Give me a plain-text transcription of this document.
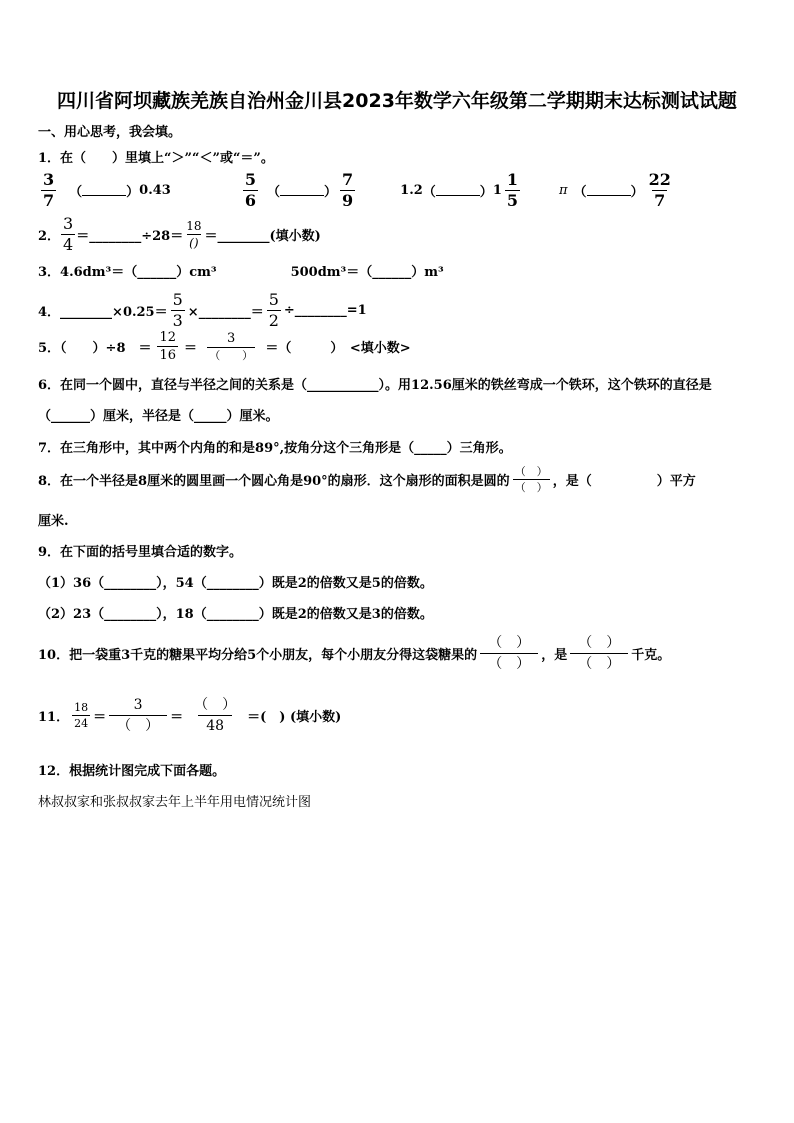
四川省阿坝藏族羌族自治州金川县2023年数学六年级第二学期期末达标测试试题
一、用心思考，我会填。
1．在（　　）里填上“＞”“＜”或“＝”。
$\frac{3}{7}$ （	） 0.43	$\frac{5}{6}$ （	） $\frac{7}{9}$	1.2 （	） $1 \frac{1}{5}$	π （	） $\frac{22}{7}$
2． $\frac{3}{4}$ ＝________÷28＝ $\frac{18}{()}$ ＝________(填小数)
3．4.6dm³＝（______）cm³	500dm³＝（______）m³
4．________×0.25＝ $\frac{5}{3}$ ×________＝ $\frac{5}{2}$ ÷________=1
5．（　　）÷8　＝ $\frac{12}{16} = \frac{3}{( )}$ ＝（　　　）　<填小数>
6．在同一个圆中，直径与半径之间的关系是（___________）。用12.56厘米的铁丝弯成一个铁环，这个铁环的直径是
（______）厘米，半径是（_____）厘米。
7．在三角形中，其中两个内角的和是89°,按角分这个三角形是（_____）三角形。
8．在一个半径是8厘米的圆里画一个圆心角是90°的扇形．这个扇形的面积是圆的 $\frac{( )}{( )}$ ，是（　　　　　）平方
厘米.
9．在下面的括号里填合适的数字。
（1）36（________），54（________）既是2的倍数又是5的倍数。
（2）23（________），18（________）既是2的倍数又是3的倍数。
10．把一袋重3千克的糖果平均分给5个小朋友，每个小朋友分得这袋糖果的 $\frac{( )}{( )}$ ，是 $\frac{( )}{( )}$ 千克。
11． $\frac{18}{24} = \frac{3}{( )} = \frac{( )}{48}$ ＝(　) (填小数)
12．根据统计图完成下面各题。
林叔叔家和张叔叔家去年上半年用电情况统计图
